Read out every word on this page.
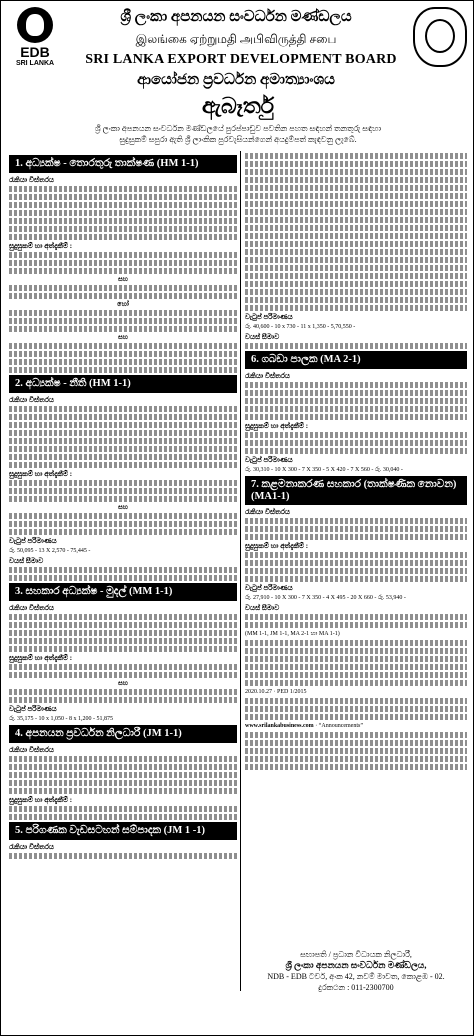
EDB
SRI LANKA
ශ්‍රී ලංකා අපනයන සංවර්ධන මණ්ඩලය
இலங்கை ஏற்றுமதி அபிவிருத்தி சபை
SRI LANKA EXPORT DEVELOPMENT BOARD
ආයෝජන ප්‍රවර්ධන අමාත්‍යාංශය
ඇබෑර්තු
ශ්‍රී ලංකා අපනයන සංවර්ධන මණ්ඩලයේ පුරප්පාඩුව පවතින පහත සඳහන් තනතුරු සඳහා
සුදුසුකම් සපුරා ඇති ශ්‍රී ලාංකික පුරවැසියන්ගෙන් අයදුම්පත් කැඳවනු ලැබේ.
1. අධ්‍යක්ෂ - තොරතුරු තාක්ෂණ (HM 1-1)
රැකියා විස්තරය
සුදුසුකම් හා අත්දැකීම් :
සහ
හෝ
සහ
2. අධ්‍යක්ෂ - නීති (HM 1-1)
රැකියා විස්තරය
සුදුසුකම් හා අත්දැකීම් :
සහ
වැටුප් පරිමාණය
රු. 50,095 - 13 X 2,570 - 75,445 -
වයස් සීමාව
3. සහකාර අධ්‍යක්ෂ - මුදල් (MM 1-1)
රැකියා විස්තරය
සුදුසුකම් හා අත්දැකීම් :
සහ
වැටුප් පරිමාණය
රු. 35,175 - 10 x 1,050 - 8 x 1,200 - 51,875
4. අපනයන ප්‍රවර්ධන නිලධාරී (JM 1-1)
රැකියා විස්තරය
සුදුසුකම් හා අත්දැකීම් :
5. පරිගණක වැඩසටහන් සම්පාදක (JM 1 -1)
රැකියා විස්තරය
වැටුප් පරිමාණය
රු. 40,600 - 10 x 730 - 11 x 1,350 - 5,70,550 -
වයස් සීමාව
6. ගබඩා පාලක (MA 2-1)
රැකියා විස්තරය
සුදුසුකම් හා අත්දැකීම් :
වැටුප් පරිමාණය
රු. 30,310 - 10 X 300 - 7 X 350 - 5 X 420 - 7 X 560 - රු. 30,040 -
7. කළමනාකරණ සහකාර (තාක්ෂණික නොවන) (MA1-1)
රැකියා විස්තරය
සුදුසුකම් හා අත්දැකීම් :
වැටුප් පරිමාණය
රු. 27,910 - 10 X 300 - 7 X 350 - 4 X 495 - 20 X 660 - රු. 53,940 -
වයස් සීමාව
(MM 1-1, JM 1-1, MA 2-1 හා MA 1-1)
2020.10.27 · PED 1/2015
www.srilankabusiness.com · “Announcements”
සභාපති / ප්‍රධාන විධායක නිලධාරී,
ශ්‍රී ලංකා අපනයන සංවර්ධන මණ්ඩලය,
NDB - EDB ටවර්, අංක 42, නවම් මාවත, කොළඹ - 02.
දුරකථන : 011-2300700
